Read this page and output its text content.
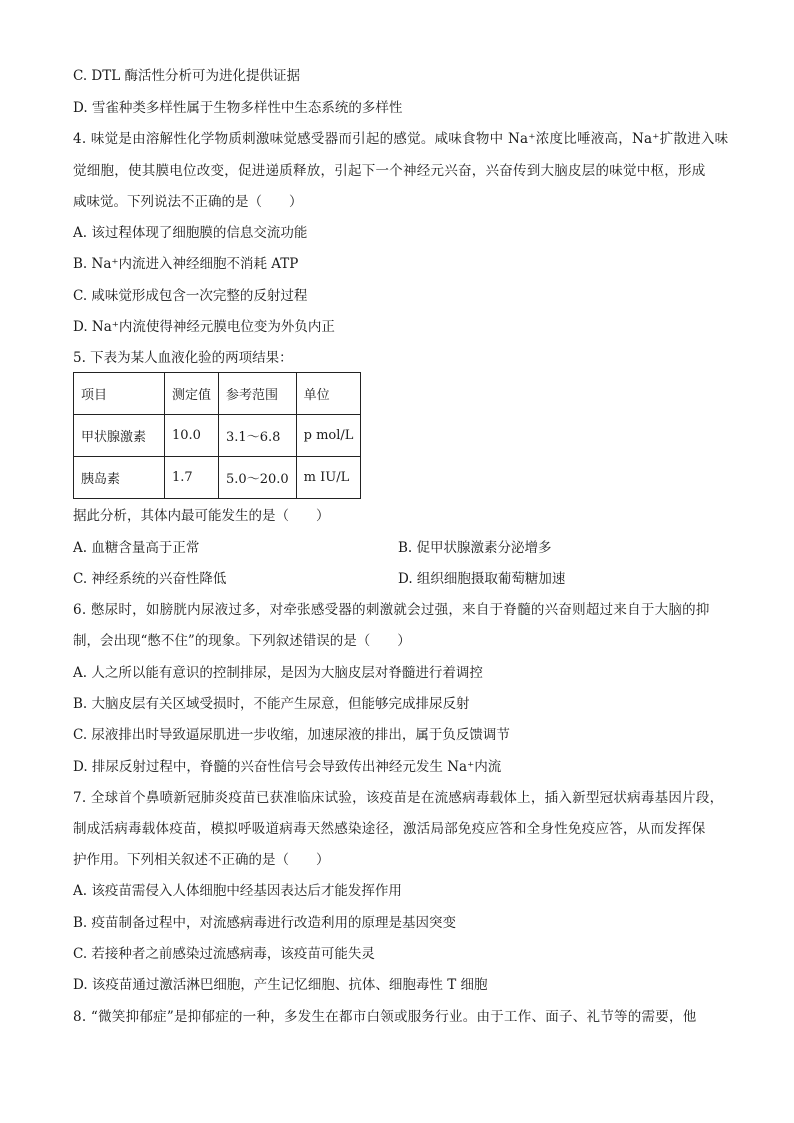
C. DTL 酶活性分析可为进化提供证据
D. 雪雀种类多样性属于生物多样性中生态系统的多样性
4. 味觉是由溶解性化学物质刺激味觉感受器而引起的感觉。咸味食物中 Na⁺浓度比唾液高，Na⁺扩散进入味
觉细胞，使其膜电位改变，促进递质释放，引起下一个神经元兴奋，兴奋传到大脑皮层的味觉中枢，形成
咸味觉。下列说法不正确的是（　　）
A. 该过程体现了细胞膜的信息交流功能
B. Na⁺内流进入神经细胞不消耗 ATP
C. 咸味觉形成包含一次完整的反射过程
D. Na⁺内流使得神经元膜电位变为外负内正
5. 下表为某人血液化验的两项结果：
项目	测定值	参考范围	单位
甲状腺激素	10.0	3.1～6.8	p mol/L
胰岛素	1.7	5.0～20.0	m IU/L
据此分析，其体内最可能发生的是（　　）
A. 血糖含量高于正常	B. 促甲状腺激素分泌增多
C. 神经系统的兴奋性降低	D. 组织细胞摄取葡萄糖加速
6. 憋尿时，如膀胱内尿液过多，对牵张感受器的刺激就会过强，来自于脊髓的兴奋则超过来自于大脑的抑
制，会出现“憋不住”的现象。下列叙述错误的是（　　）
A. 人之所以能有意识的控制排尿，是因为大脑皮层对脊髓进行着调控
B. 大脑皮层有关区域受损时，不能产生尿意，但能够完成排尿反射
C. 尿液排出时导致逼尿肌进一步收缩，加速尿液的排出，属于负反馈调节
D. 排尿反射过程中，脊髓的兴奋性信号会导致传出神经元发生 Na⁺内流
7. 全球首个鼻喷新冠肺炎疫苗已获准临床试验，该疫苗是在流感病毒载体上，插入新型冠状病毒基因片段，
制成活病毒载体疫苗，模拟呼吸道病毒天然感染途径，激活局部免疫应答和全身性免疫应答，从而发挥保
护作用。下列相关叙述不正确的是（　　）
A. 该疫苗需侵入人体细胞中经基因表达后才能发挥作用
B. 疫苗制备过程中，对流感病毒进行改造利用的原理是基因突变
C. 若接种者之前感染过流感病毒，该疫苗可能失灵
D. 该疫苗通过激活淋巴细胞，产生记忆细胞、抗体、细胞毒性 T 细胞
8. “微笑抑郁症”是抑郁症的一种，多发生在都市白领或服务行业。由于工作、面子、礼节等的需要，他
